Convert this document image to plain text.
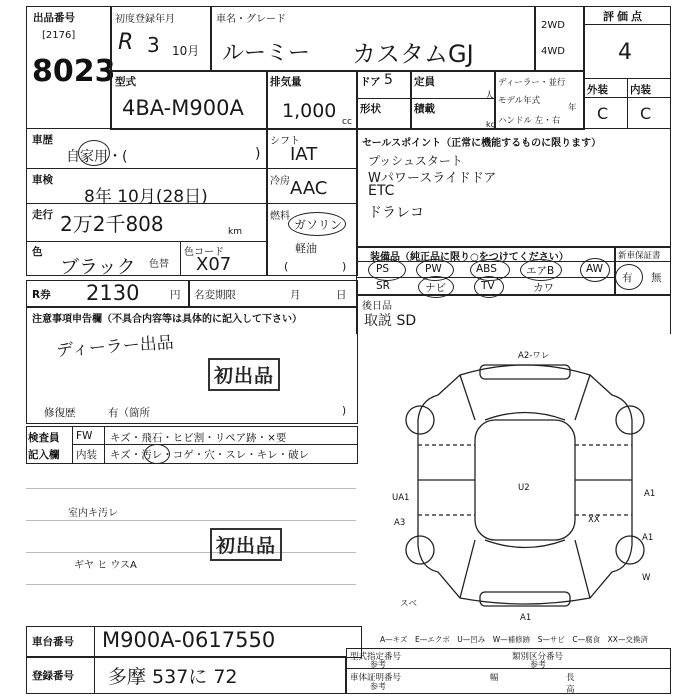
出品番号
[2176]
8023
初度登録年月
R 3 10月
車名・グレード
ルーミー カスタムGJ
2WD
4WD
評価点
4
外装 内装
C C
型式
4BA-M900A
排気量
1,000 cc
ドア 5
形状
定員
人
積載
kg
ディーラー・並行
モデル年式
年
ハンドル 左・右
車歴
自家用・(	)
車検
8年 10月(28日)
走行 2万2千808	km
色
ブラック 色替
色コード
X07
シフト
IAT
冷房 AAC
燃料
ガソリン
軽油
(	)
セールスポイント（正常に機能するものに限ります）
プッシュスタート
Wパワースライドドア
ETC
ドラレコ
装備品（純正品に限り○をつけてください）
PS	PW	ABS	エアB	AW
SR	ナビ	TV	カワ
新車保証書
有 無
後日品
取説 SD
R券 2130	円 名変期限	月	日
注意事項申告欄（不具合内容等は具体的に記入して下さい）
ディーラー出品
初出品
修復歴	有（箇所	)
検査員
記入欄
FW キズ・飛石・ヒビ割・リペア跡・×要
内装 キズ・汚レ・コゲ・穴・スレ・キレ・破レ
室内キ汚レ
ギヤ ヒ ウスA
初出品
A2-ワレ
U2
UA1
A3
A1
XX
A1
A1
W
スベ
A—キズ　E—エクボ　U—凹み　W—補修跡　S—サビ　C—腐食　XX—交換済
車台番号 M900A-0617550
登録番号 多摩 537に 72
型式指定番号
参考
類別区分番号
参考
車体証明番号
参考
幅	長
高
